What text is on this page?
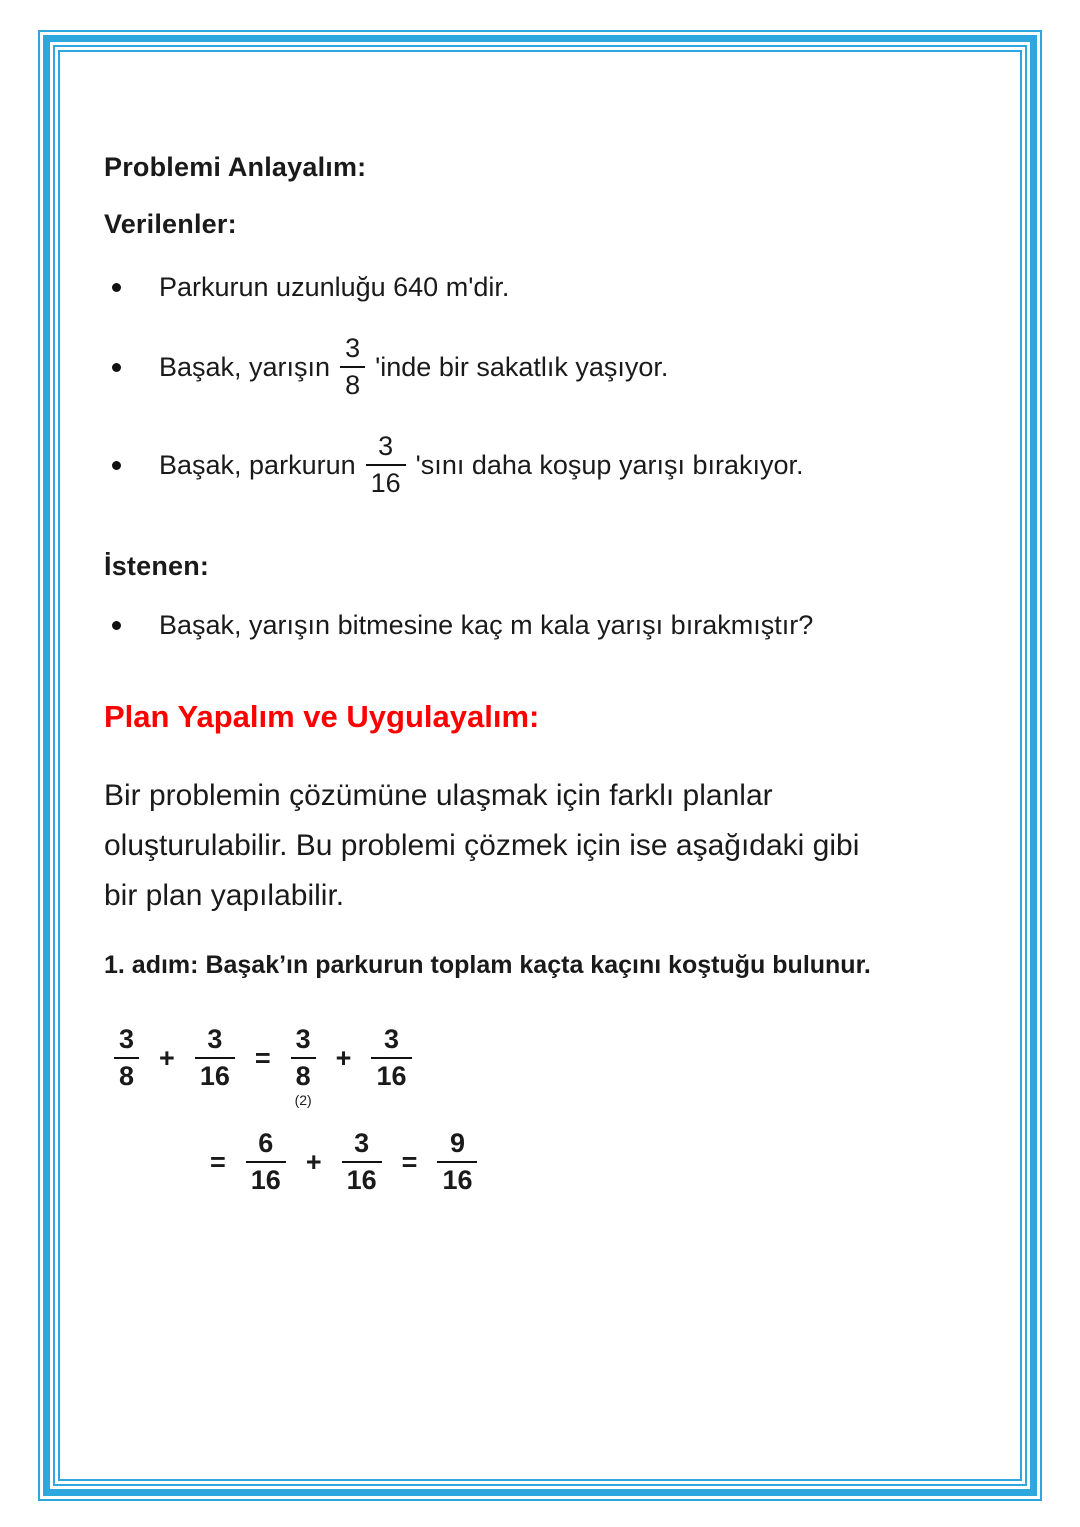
Problemi Anlayalım:
Verilenler:
Parkurun uzunluğu 640 m'dir.
Başak, yarışın $\frac{3}{8}$ 'inde bir sakatlık yaşıyor.
Başak, parkurun $\frac{3}{16}$ 'sını daha koşup yarışı bırakıyor.
İstenen:
Başak, yarışın bitmesine kaç m kala yarışı bırakmıştır?
Plan Yapalım ve Uygulayalım:
Bir problemin çözümüne ulaşmak için farklı planlar
oluşturulabilir. Bu problemi çözmek için ise aşağıdaki gibi
bir plan yapılabilir.
1. adım: Başak’ın parkurun toplam kaçta kaçını koştuğu bulunur.
$\frac{3}{8} + \frac{3}{16}$ =
3
8
(2)
+ $\frac{3}{16}$
= $\frac{6}{16} + \frac{3}{16} = \frac{9}{16}$
